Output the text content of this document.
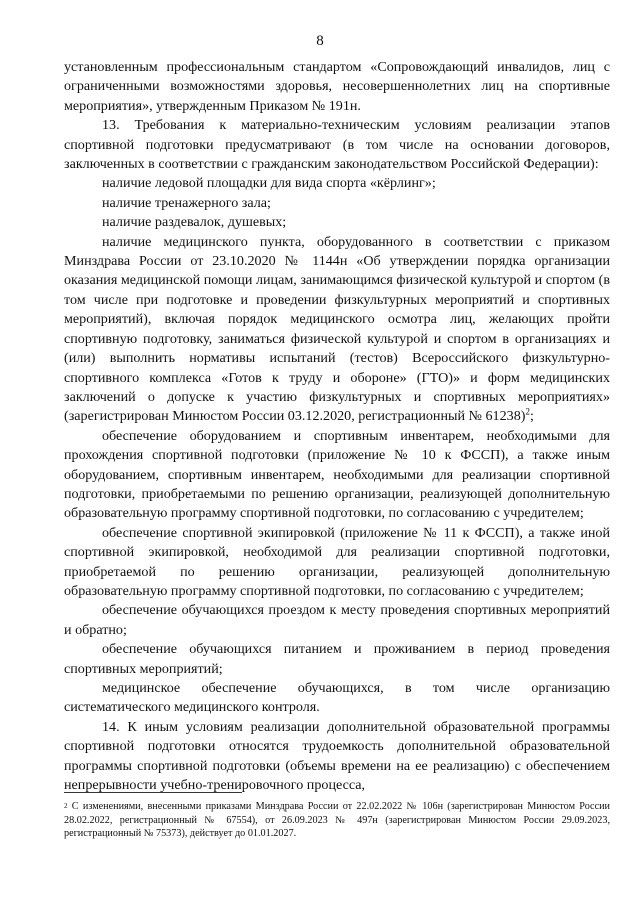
8

установленным профессиональным стандартом «Сопровождающий инвалидов, лиц с ограниченными возможностями здоровья, несовершеннолетних лиц на спортивные мероприятия», утвержденным Приказом № 191н.

13. Требования к материально-техническим условиям реализации этапов спортивной подготовки предусматривают (в том числе на основании договоров, заключенных в соответствии с гражданским законодательством Российской Федерации):

наличие ледовой площадки для вида спорта «кёрлинг»;

наличие тренажерного зала;

наличие раздевалок, душевых;

наличие медицинского пункта, оборудованного в соответствии с приказом Минздрава России от 23.10.2020 № 1144н «Об утверждении порядка организации оказания медицинской помощи лицам, занимающимся физической культурой и спортом (в том числе при подготовке и проведении физкультурных мероприятий и спортивных мероприятий), включая порядок медицинского осмотра лиц, желающих пройти спортивную подготовку, заниматься физической культурой и спортом в организациях и (или) выполнить нормативы испытаний (тестов) Всероссийского физкультурно-спортивного комплекса «Готов к труду и обороне» (ГТО)» и форм медицинских заключений о допуске к участию физкультурных и спортивных мероприятиях» (зарегистрирован Минюстом России 03.12.2020, регистрационный № 61238)$^2$;

обеспечение оборудованием и спортивным инвентарем, необходимыми для прохождения спортивной подготовки (приложение № 10 к ФССП), а также иным оборудованием, спортивным инвентарем, необходимыми для реализации спортивной подготовки, приобретаемыми по решению организации, реализующей дополнительную образовательную программу спортивной подготовки, по согласованию с учредителем;

обеспечение спортивной экипировкой (приложение № 11 к ФССП), а также иной спортивной экипировкой, необходимой для реализации спортивной подготовки, приобретаемой по решению организации, реализующей дополнительную образовательную программу спортивной подготовки, по согласованию с учредителем;

обеспечение обучающихся проездом к месту проведения спортивных мероприятий и обратно;

обеспечение обучающихся питанием и проживанием в период проведения спортивных мероприятий;

медицинское обеспечение обучающихся, в том числе организацию систематического медицинского контроля.

14. К иным условиям реализации дополнительной образовательной программы спортивной подготовки относятся трудоемкость дополнительной образовательной программы спортивной подготовки (объемы времени на ее реализацию) с обеспечением непрерывности учебно-тренировочного процесса,

$^2$ С изменениями, внесенными приказами Минздрава России от 22.02.2022 № 106н (зарегистрирован Минюстом России 28.02.2022, регистрационный № 67554), от 26.09.2023 № 497н (зарегистрирован Минюстом России 29.09.2023, регистрационный № 75373), действует до 01.01.2027.
